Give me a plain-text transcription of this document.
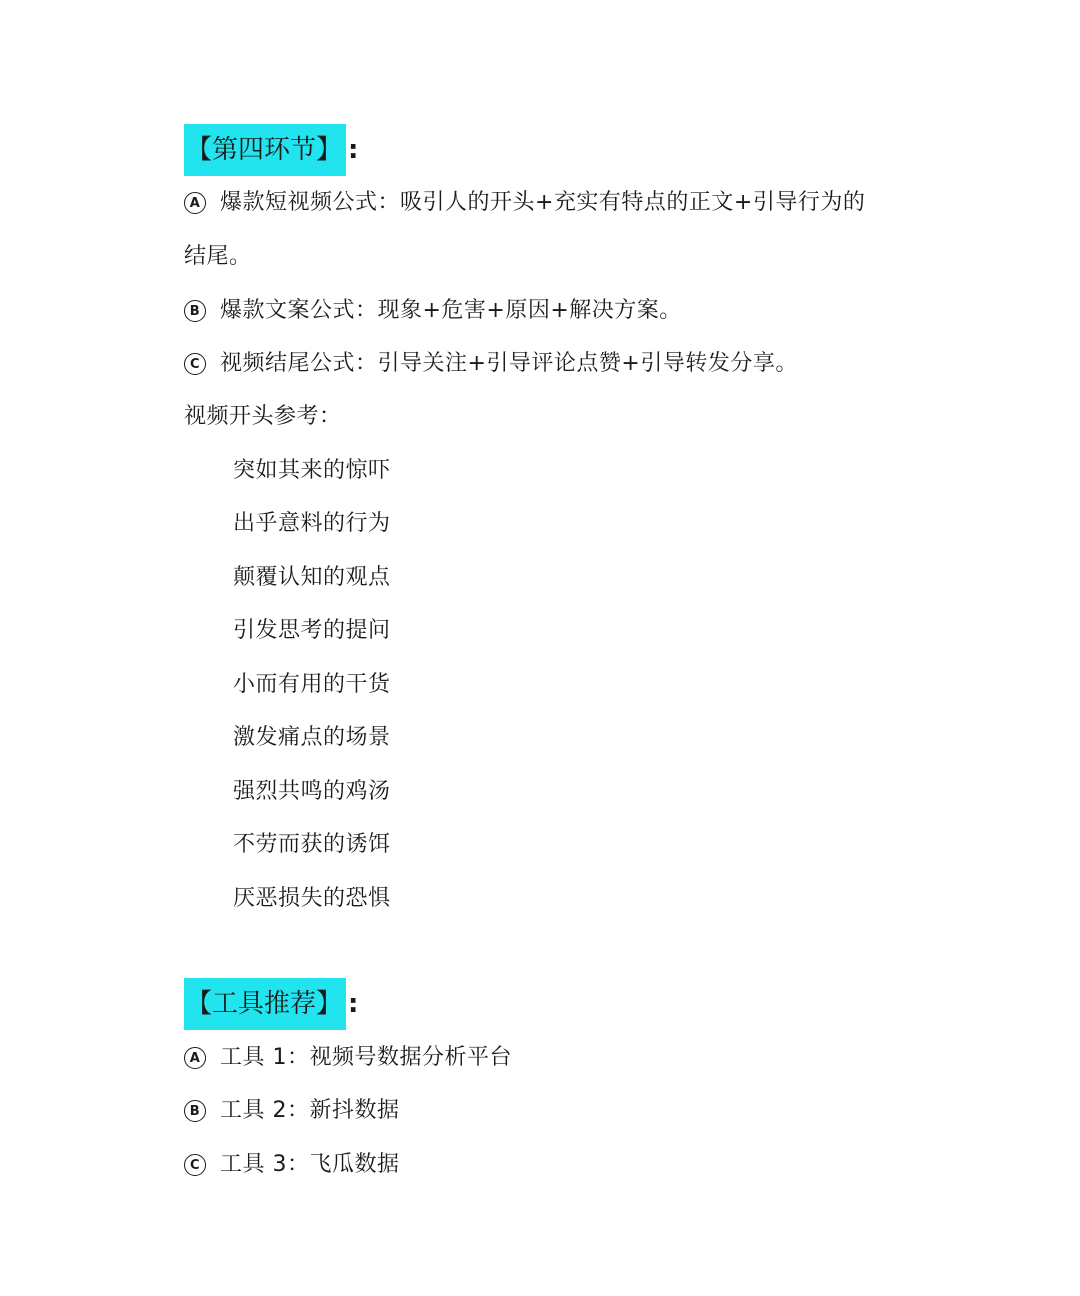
【第四环节】 :
A 爆款短视频公式：吸引人的开头+充实有特点的正文+引导行为的
结尾。
B 爆款文案公式：现象+危害+原因+解决方案。
C 视频结尾公式：引导关注+引导评论点赞+引导转发分享。
视频开头参考：
突如其来的惊吓
出乎意料的行为
颠覆认知的观点
引发思考的提问
小而有用的干货
激发痛点的场景
强烈共鸣的鸡汤
不劳而获的诱饵
厌恶损失的恐惧
【工具推荐】 :
A 工具 1：视频号数据分析平台
B 工具 2：新抖数据
C 工具 3：飞瓜数据
